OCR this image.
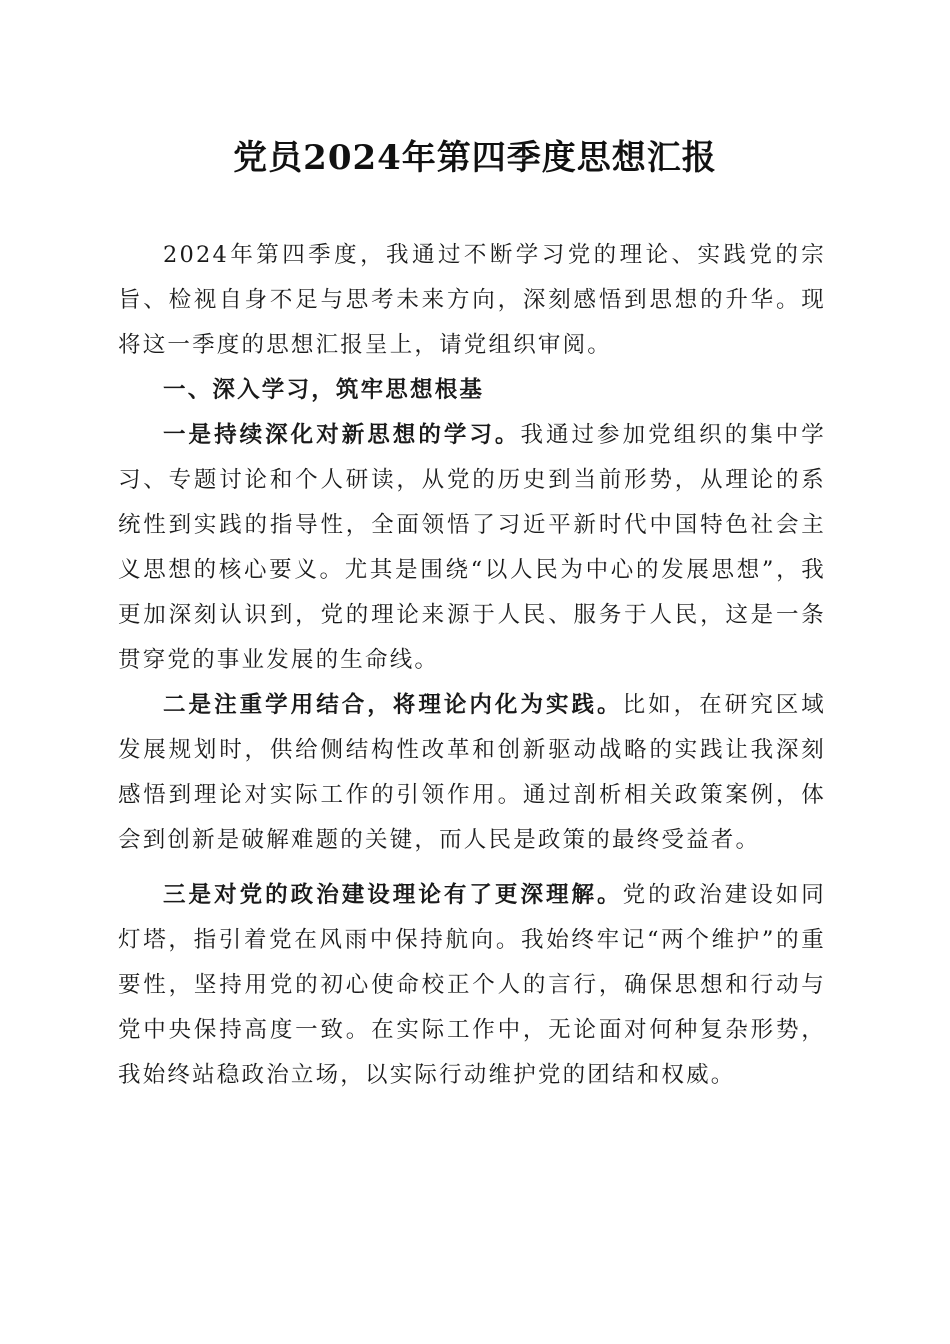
党员2024年第四季度思想汇报

2024年第四季度，我通过不断学习党的理论、实践党的宗旨、检视自身不足与思考未来方向，深刻感悟到思想的升华。现将这一季度的思想汇报呈上，请党组织审阅。

一、深入学习，筑牢思想根基

一是持续深化对新思想的学习。我通过参加党组织的集中学习、专题讨论和个人研读，从党的历史到当前形势，从理论的系统性到实践的指导性，全面领悟了习近平新时代中国特色社会主义思想的核心要义。尤其是围绕“以人民为中心的发展思想”，我更加深刻认识到，党的理论来源于人民、服务于人民，这是一条贯穿党的事业发展的生命线。

二是注重学用结合，将理论内化为实践。比如，在研究区域发展规划时，供给侧结构性改革和创新驱动战略的实践让我深刻感悟到理论对实际工作的引领作用。通过剖析相关政策案例，体会到创新是破解难题的关键，而人民是政策的最终受益者。

三是对党的政治建设理论有了更深理解。党的政治建设如同灯塔，指引着党在风雨中保持航向。我始终牢记“两个维护”的重要性，坚持用党的初心使命校正个人的言行，确保思想和行动与党中央保持高度一致。在实际工作中，无论面对何种复杂形势，我始终站稳政治立场，以实际行动维护党的团结和权威。
